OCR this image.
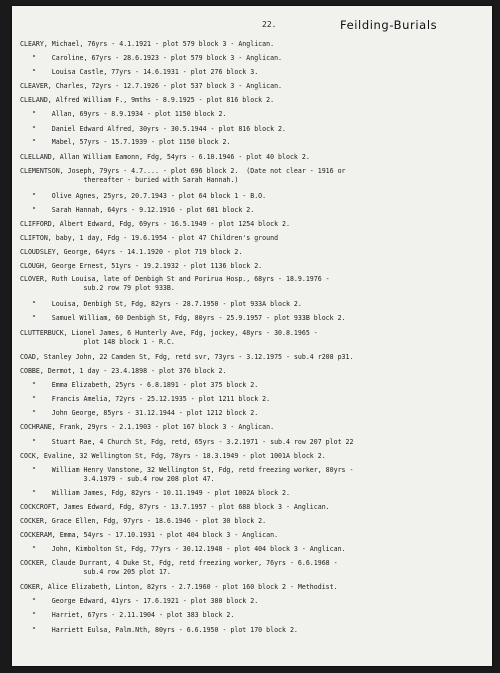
22.	Feilding-Burials
CLEARY, Michael, 76yrs - 4.1.1921 - plot 579 block 3 - Anglican.
"    Caroline, 67yrs - 28.6.1923 - plot 579 block 3 - Anglican.
"    Louisa Castle, 77yrs - 14.6.1931 - plot 276 block 3.
CLEAVER, Charles, 72yrs - 12.7.1926 - plot 537 block 3 - Anglican.
CLELAND, Alfred William F., 9mths - 8.9.1925 - plot 816 block 2.
"    Allan, 69yrs - 8.9.1934 - plot 1150 block 2.
"    Daniel Edward Alfred, 30yrs - 30.5.1944 - plot 816 block 2.
"    Mabel, 57yrs - 15.7.1939 - plot 1150 block 2.
CLELLAND, Allan William Eamonn, Fdg, 54yrs - 6.10.1946 - plot 40 block 2.
CLEMENTSON, Joseph, 79yrs - 4.7.... - plot 696 block 2.  (Date not clear - 1916 or
thereafter - buried with Sarah Hannah.)
"    Olive Agnes, 25yrs, 20.7.1943 - plot 64 block 1 - B.O.
"    Sarah Hannah, 64yrs - 9.12.1916 - plot 681 block 2.
CLIFFORD, Albert Edward, Fdg, 69yrs - 16.5.1949 - plot 1254 block 2.
CLIFTON, baby, 1 day, Fdg - 19.6.1954 - plot 47 Children's ground
CLOUDSLEY, George, 64yrs - 14.1.1920 - plot 719 block 2.
CLOUGH, George Ernest, 51yrs - 19.2.1932 - plot 1136 block 2.
CLOVER, Ruth Louisa, late of Denbigh St and Porirua Hosp., 68yrs - 18.9.1976 -
sub.2 row 79 plot 933B.
"    Louisa, Denbigh St, Fdg, 82yrs - 28.7.1950 - plot 933A block 2.
"    Samuel William, 60 Denbigh St, Fdg, 80yrs - 25.9.1957 - plot 933B block 2.
CLUTTERBUCK, Lionel James, 6 Hunterly Ave, Fdg, jockey, 48yrs - 30.8.1965 -
plot 148 block 1 - R.C.
COAD, Stanley John, 22 Camden St, Fdg, retd svr, 73yrs - 3.12.1975 - sub.4 r208 p31.
COBBE, Dermot, 1 day - 23.4.1898 - plot 376 block 2.
"    Emma Elizabeth, 25yrs - 6.8.1891 - plot 375 block 2.
"    Francis Amelia, 72yrs - 25.12.1935 - plot 1211 block 2.
"    John George, 85yrs - 31.12.1944 - plot 1212 block 2.
COCHRANE, Frank, 29yrs - 2.1.1903 - plot 167 block 3 - Anglican.
"    Stuart Rae, 4 Church St, Fdg, retd, 65yrs - 3.2.1971 - sub.4 row 207 plot 22
COCK, Evaline, 32 Wellington St, Fdg, 78yrs - 18.3.1949 - plot 1001A block 2.
"    William Henry Vanstone, 32 Wellington St, Fdg, retd freezing worker, 80yrs -
3.4.1979 - sub.4 row 208 plot 47.
"    William James, Fdg, 82yrs - 10.11.1949 - plot 1002A block 2.
COCKCROFT, James Edward, Fdg, 87yrs - 13.7.1957 - plot 688 block 3 - Anglican.
COCKER, Grace Ellen, Fdg, 97yrs - 18.6.1946 - plot 30 block 2.
COCKERAM, Emma, 54yrs - 17.10.1931 - plot 404 block 3 - Anglican.
"    John, Kimbolton St, Fdg, 77yrs - 30.12.1948 - plot 404 block 3 - Anglican.
COCKER, Claude Durrant, 4 Duke St, Fdg, retd freezing worker, 76yrs - 6.6.1968 -
sub.4 row 205 plot 17.
COKER, Alice Elizabeth, Linton, 82yrs - 2.7.1960 - plot 160 block 2 - Methodist.
"    George Edward, 41yrs - 17.6.1921 - plot 380 block 2.
"    Harriet, 67yrs - 2.11.1904 - plot 383 block 2.
"    Harriett Eulsa, Palm.Nth, 80yrs - 6.6.1950 - plot 170 block 2.
